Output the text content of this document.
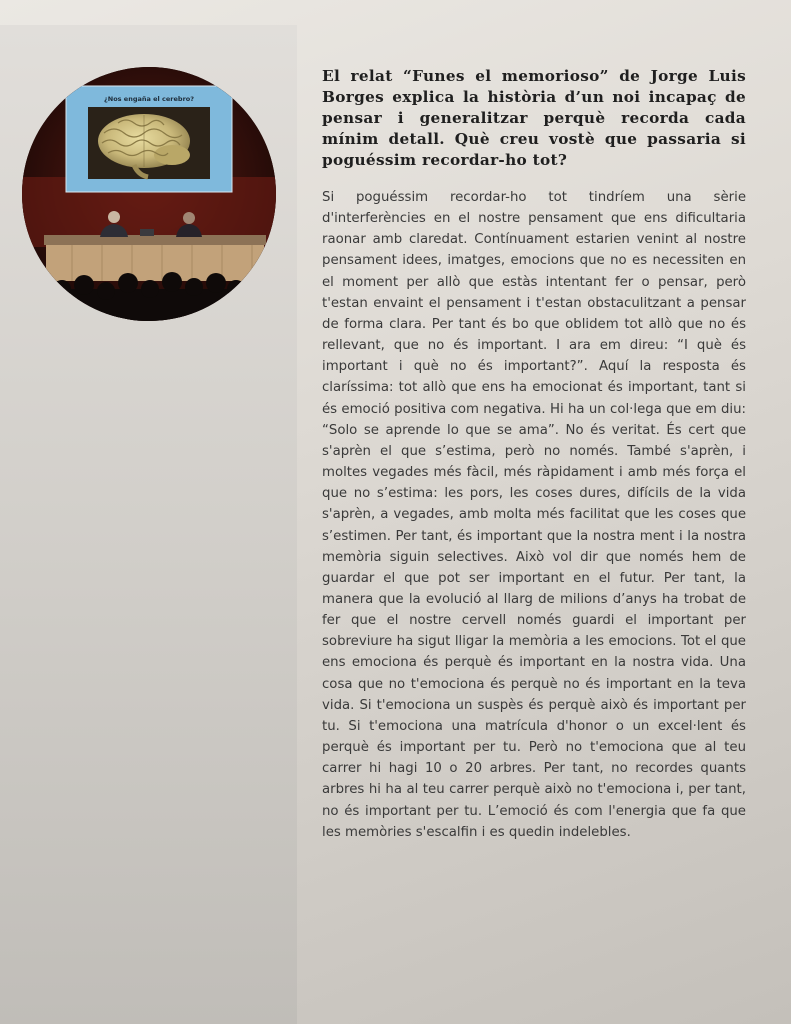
¿Nos engaña el cerebro?
El relat “Funes el memorioso” de Jorge Luis Borges explica la història d’un noi incapaç de pensar i generalitzar perquè recorda cada mínim detall. Què creu vostè que passaria si poguéssim recordar-ho tot?

Si poguéssim recordar-ho tot tindríem una sèrie d'interferències en el nostre pensament que ens dificultaria raonar amb claredat. Contínuament estarien venint al nostre pensament idees, imatges, emocions que no es necessiten en el moment per allò que estàs intentant fer o pensar, però t'estan envaint el pensament i t'estan obstaculitzant a pensar de forma clara. Per tant és bo que oblidem tot allò que no és rellevant, que no és important. I ara em direu: “I què és important i què no és important?”. Aquí la resposta és claríssima: tot allò que ens ha emocionat és important, tant si és emoció positiva com negativa. Hi ha un col·lega que em diu: “Solo se aprende lo que se ama”. No és veritat. És cert que s'aprèn el que s’estima, però no només. També s'aprèn, i moltes vegades més fàcil, més ràpidament i amb més força el que no s’estima: les pors, les coses dures, difícils de la vida s'aprèn, a vegades, amb molta més facilitat que les coses que s’estimen. Per tant, és important que la nostra ment i la nostra memòria siguin selectives. Això vol dir que només hem de guardar el que pot ser important en el futur. Per tant, la manera que la evolució al llarg de milions d’anys ha trobat de fer que el nostre cervell només guardi el important per sobreviure ha sigut lligar la memòria a les emocions. Tot el que ens emociona és perquè és important en la nostra vida. Una cosa que no t'emociona és perquè no és important en la teva vida. Si t'emociona un suspès és perquè això és important per tu. Si t'emociona una matrícula d'honor o un excel·lent és perquè és important per tu. Però no t'emociona que al teu carrer hi hagi 10 o 20 arbres. Per tant, no recordes quants arbres hi ha al teu carrer perquè això no t'emociona i, per tant, no és important per tu. L’emoció és com l'energia que fa que les memòries s'escalfin i es quedin indelebles.
